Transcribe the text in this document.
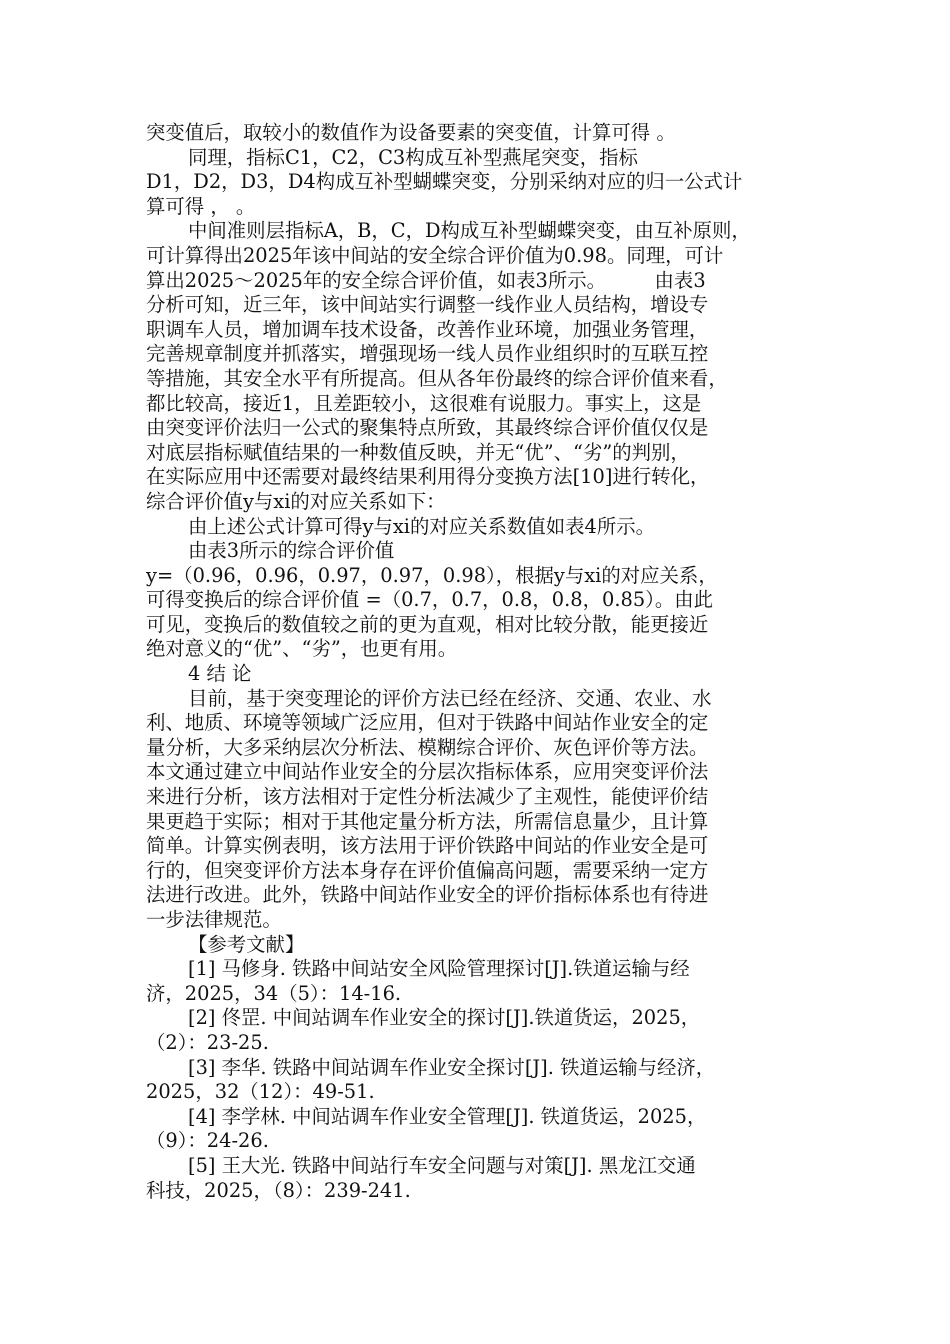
突变值后，取较小的数值作为设备要素的突变值，计算可得 。
同理，指标C1，C2，C3构成互补型燕尾突变，指标
D1，D2，D3，D4构成互补型蝴蝶突变，分别采纳对应的归一公式计
算可得 ， 。
中间准则层指标A，B，C，D构成互补型蝴蝶突变，由互补原则，
可计算得出2025年该中间站的安全综合评价值为0.98。同理，可计
算出2025～2025年的安全综合评价值，如表3所示。　　　由表3
分析可知，近三年，该中间站实行调整一线作业人员结构，增设专
职调车人员，增加调车技术设备，改善作业环境，加强业务管理，
完善规章制度并抓落实，增强现场一线人员作业组织时的互联互控
等措施，其安全水平有所提高。但从各年份最终的综合评价值来看，
都比较高，接近1，且差距较小，这很难有说服力。事实上，这是
由突变评价法归一公式的聚集特点所致，其最终综合评价值仅仅是
对底层指标赋值结果的一种数值反映，并无“优”、“劣”的判别，
在实际应用中还需要对最终结果利用得分变换方法[10]进行转化，
综合评价值y与xi的对应关系如下：
由上述公式计算可得y与xi的对应关系数值如表4所示。
由表3所示的综合评价值
y=（0.96，0.96，0.97，0.97，0.98），根据y与xi的对应关系，
可得变换后的综合评价值 =（0.7，0.7，0.8，0.8，0.85）。由此
可见，变换后的数值较之前的更为直观，相对比较分散，能更接近
绝对意义的“优”、“劣”，也更有用。
4 结 论
目前，基于突变理论的评价方法已经在经济、交通、农业、水
利、地质、环境等领域广泛应用，但对于铁路中间站作业安全的定
量分析，大多采纳层次分析法、模糊综合评价、灰色评价等方法。
本文通过建立中间站作业安全的分层次指标体系，应用突变评价法
来进行分析，该方法相对于定性分析法减少了主观性，能使评价结
果更趋于实际；相对于其他定量分析方法，所需信息量少，且计算
简单。计算实例表明，该方法用于评价铁路中间站的作业安全是可
行的，但突变评价方法本身存在评价值偏高问题，需要采纳一定方
法进行改进。此外，铁路中间站作业安全的评价指标体系也有待进
一步法律规范。
【参考文献】
[1] 马修身. 铁路中间站安全风险管理探讨[J].铁道运输与经
济，2025，34（5）：14-16.
[2] 佟罡. 中间站调车作业安全的探讨[J].铁道货运，2025，
（2）：23-25.
[3] 李华. 铁路中间站调车作业安全探讨[J]. 铁道运输与经济，
2025，32（12）：49-51.
[4] 李学林. 中间站调车作业安全管理[J]. 铁道货运，2025，
（9）：24-26.
[5] 王大光. 铁路中间站行车安全问题与对策[J]. 黑龙江交通
科技，2025，（8）：239-241.
